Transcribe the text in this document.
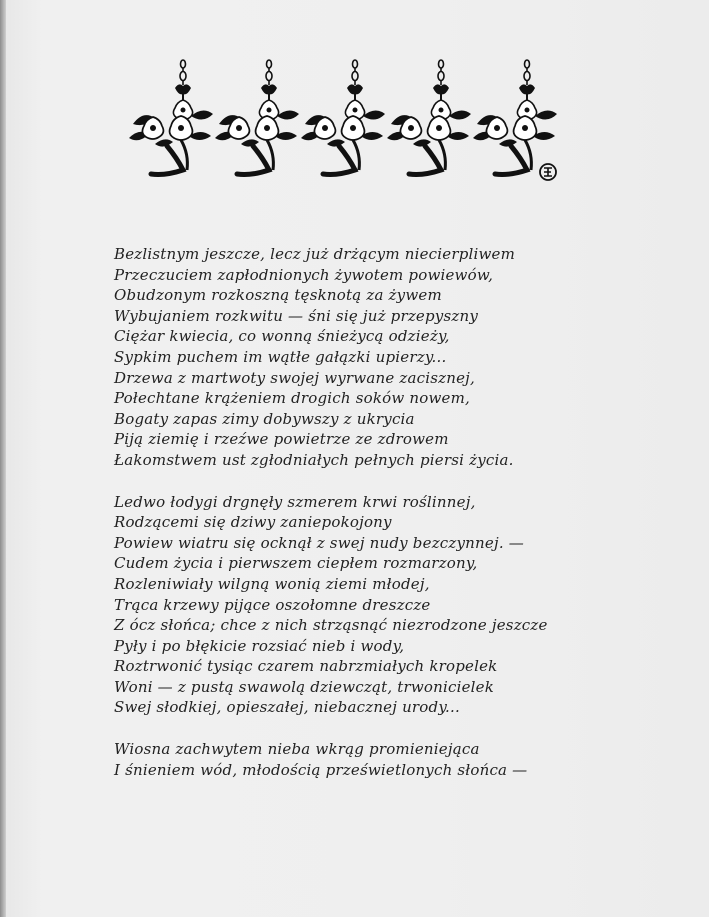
Bezlistnym jeszcze, lecz już drżącym niecierpliwem
Przeczuciem zapłodnionych żywotem powiewów,
Obudzonym rozkoszną tęsknotą za żywem
Wybujaniem rozkwitu — śni się już przepyszny
Ciężar kwiecia, co wonną śnieżycą odzieży,
Sypkim puchem im wątłe gałązki upierzy...
Drzewa z martwoty swojej wyrwane zacisznej,
Połechtane krążeniem drogich soków nowem,
Bogaty zapas zimy dobywszy z ukrycia
Piją ziemię i rzeźwe powietrze ze zdrowem
Łakomstwem ust zgłodniałych pełnych piersi życia.
Ledwo łodygi drgnęły szmerem krwi roślinnej,
Rodzącemi się dziwy zaniepokojony
Powiew wiatru się ocknął z swej nudy bezczynnej. —
Cudem życia i pierwszem ciepłem rozmarzony,
Rozleniwiały wilgną wonią ziemi młodej,
Trąca krzewy pijące oszołomne dreszcze
Z ócz słońca; chce z nich strząsnąć niezrodzone jeszcze
Pyły i po błękicie rozsiać nieb i wody,
Roztrwonić tysiąc czarem nabrzmiałych kropelek
Woni — z pustą swawolą dziewcząt, trwonicielek
Swej słodkiej, opieszałej, niebacznej urody...
Wiosna zachwytem nieba wkrąg promieniejąca
I śnieniem wód, młodością prześwietlonych słońca —
